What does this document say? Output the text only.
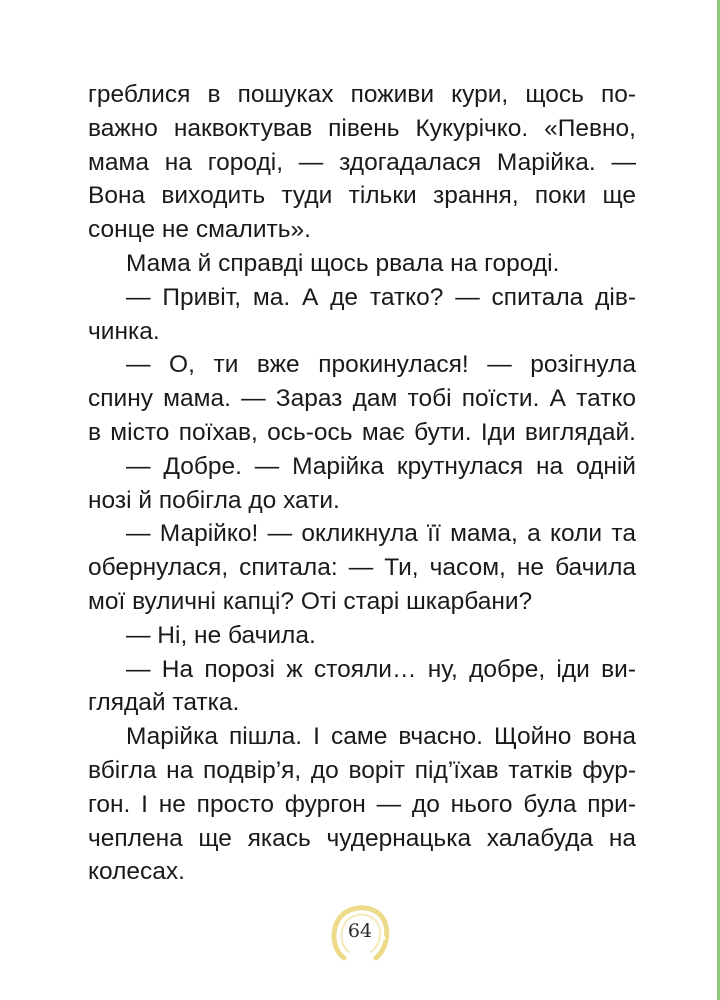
греблися в пошуках поживи кури, щось по-
важно наквоктував півень Кукурічко. «Певно,
мама на городі, — здогадалася Марійка. —
Вона виходить туди тільки зрання, поки ще
сонце не смалить».
Мама й справді щось рвала на городі.
— Привіт, ма. А де татко? — спитала дів-
чинка.
— О, ти вже прокинулася! — розігнула
спину мама. — Зараз дам тобі поїсти. А татко
в місто поїхав, ось-ось має бути. Іди виглядай.
— Добре. — Марійка крутнулася на одній
нозі й побігла до хати.
— Марійко! — окликнула її мама, а коли та
обернулася, спитала: — Ти, часом, не бачила
мої вуличні капці? Оті старі шкарбани?
— Ні, не бачила.
— На порозі ж стояли… ну, добре, іди ви-
глядай татка.
Марійка пішла. І саме вчасно. Щойно вона
вбігла на подвір’я, до воріт під’їхав татків фур-
гон. І не просто фургон — до нього була при-
чеплена ще якась чудернацька халабуда на
колесах.
64
